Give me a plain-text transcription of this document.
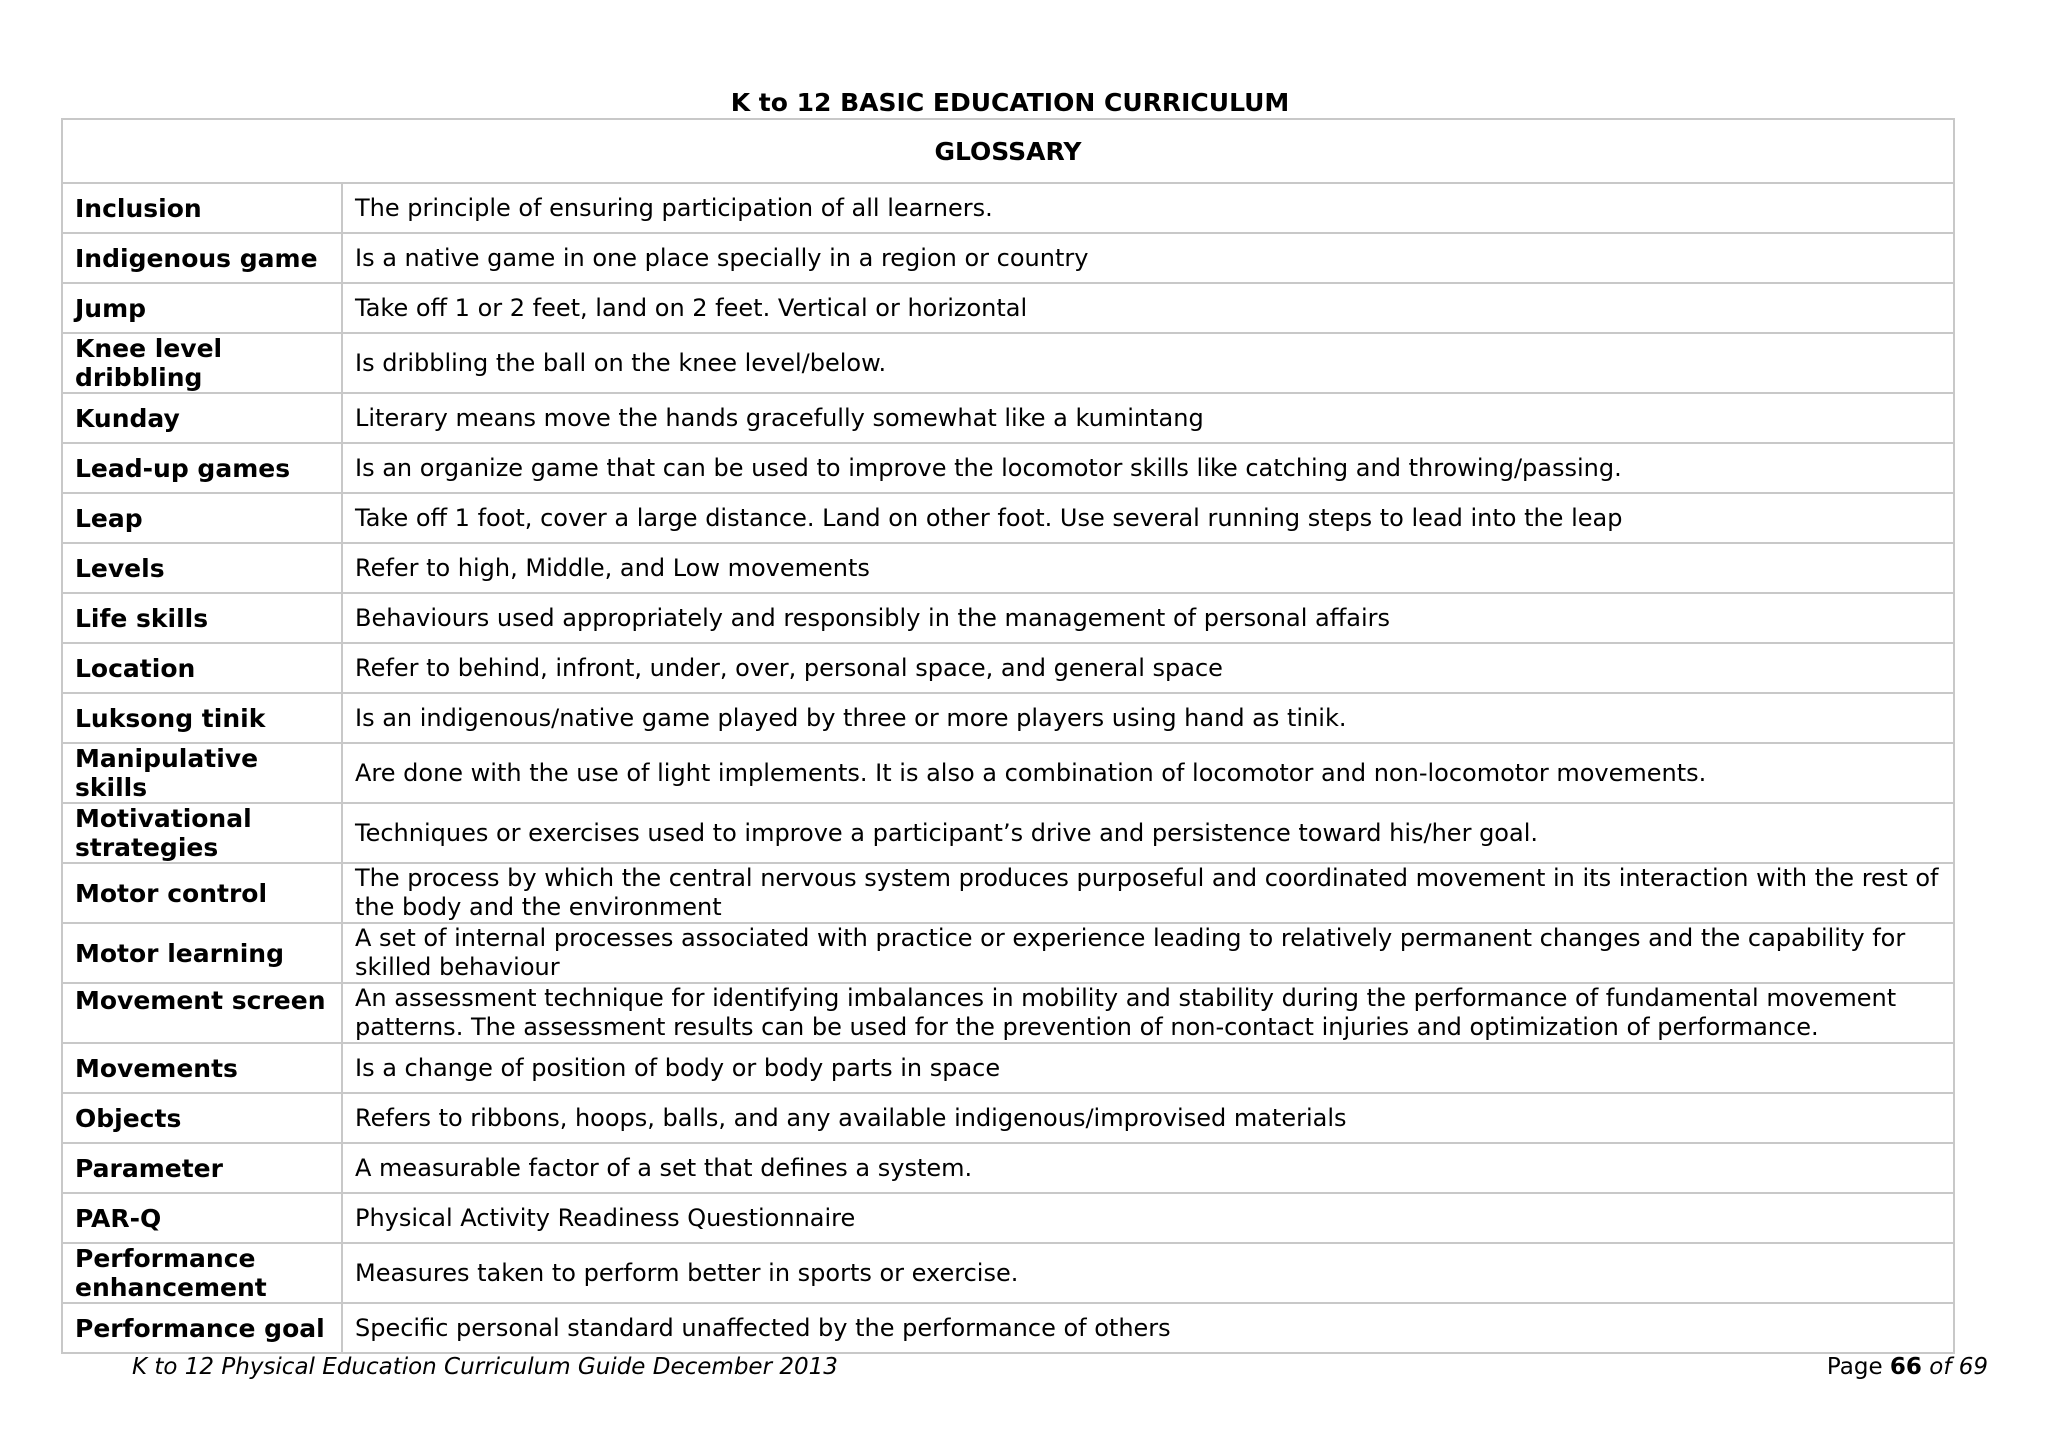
K to 12 BASIC EDUCATION CURRICULUM
GLOSSARY	
Inclusion	The principle of ensuring participation of all learners.
Indigenous game	Is a native game in one place specially in a region or country
Jump	Take off 1 or 2 feet, land on 2 feet. Vertical or horizontal
Knee level dribbling	Is dribbling the ball on the knee level/below.
Kunday	Literary means move the hands gracefully somewhat like a kumintang
Lead-up games	Is an organize game that can be used to improve the locomotor skills like catching and throwing/passing.
Leap	Take off 1 foot, cover a large distance. Land on other foot. Use several running steps to lead into the leap
Levels	Refer to high, Middle, and Low movements
Life skills	Behaviours used appropriately and responsibly in the management of personal affairs
Location	Refer to behind, infront, under, over, personal space, and general space
Luksong tinik	Is an indigenous/native game played by three or more players using hand as tinik.
Manipulative skills	Are done with the use of light implements. It is also a combination of locomotor and non-locomotor movements.
Motivational strategies	Techniques or exercises used to improve a participant’s drive and persistence toward his/her goal.
Motor control	The process by which the central nervous system produces purposeful and coordinated movement in its interaction with the rest of the body and the environment
Motor learning	A set of internal processes associated with practice or experience leading to relatively permanent changes and the capability for skilled behaviour
Movement screen	An assessment technique for identifying imbalances in mobility and stability during the performance of fundamental movement patterns. The assessment results can be used for the prevention of non-contact injuries and optimization of performance.
Movements	Is a change of position of body or body parts in space
Objects	Refers to ribbons, hoops, balls, and any available indigenous/improvised materials
Parameter	A measurable factor of a set that defines a system.
PAR-Q	Physical Activity Readiness Questionnaire
Performance enhancement	Measures taken to perform better in sports or exercise.
Performance goal	Specific personal standard unaffected by the performance of others
K to 12 Physical Education Curriculum Guide December 2013	Page 66 of 69
